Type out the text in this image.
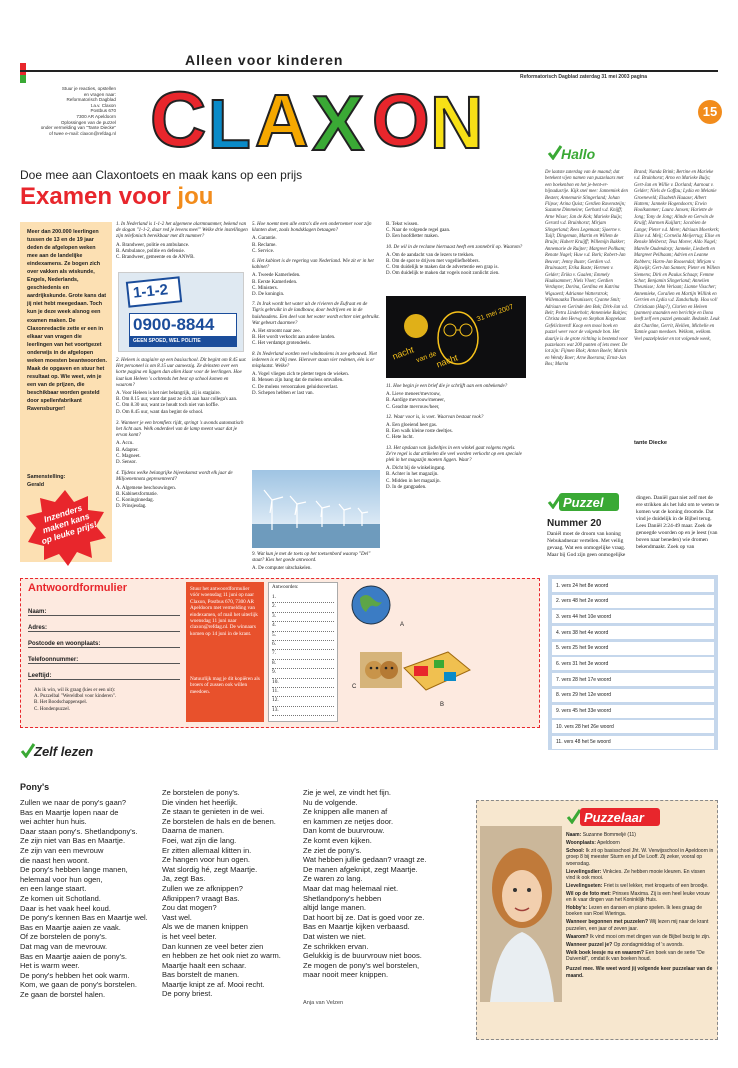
Alleen voor kinderen
Stuur je reacties, opstellen
en vragen naar:
Reformatorisch Dagblad
t.a.v. Claxon
Postbus 670
7300 AR Apeldoorn
Oplossingen van de puzzel
onder vermelding van "Tante Diecke"
of twee e-mail: claxon@refdag.nl C L A X O N
Reformatorisch Dagblad zaterdag 31 mei 2003 pagina
15
Doe mee aan Claxontoets en maak kans op een prijs
Examen voor jou
Meer dan 200.000 leerlingen tussen de 13 en de 19 jaar deden de afgelopen weken mee aan de landelijke eindexamens. Ze bogen zich over vakken als wiskunde, Engels, Nederlands, geschiedenis en aardrijkskunde. Grote kans dat jij niet hebt meegedaan. Toch kun je deze week alsnog een examen maken. De Claxonredactie zette er een in elkaar van vragen die leerlingen van het voortgezet onderwijs in de afgelopen weken moesten beantwoorden. Maak de opgaven en stuur het resultaat op. Wie weet, win je een van de prijzen, die beschikbaar worden gesteld door spellenfabrikant Ravensburger!
Samenstelling:
Gerald
Inzenders maken kans op leuke prijs!

1. In Nederland is 1-1-2 het algemene alarmnummer, bekend van de slogan "1-1-2, daar red je levens mee!" Welke drie instellingen zijn telefonisch bereikbaar met dit nummer?

A. Brandweer, politie en ambulance.
B. Ambulance, politie en defensie.
C. Brandweer, gemeente en de ANWB.
1-1-2
0900-8844
GEEN SPOED, WEL POLITIE

2. Heleen is stagiaire op een basisschool. Dit begint om 8.45 uur. Het personeel is om 8.15 uur aanwezig. Ze deinsten over een korte pagina en liggen dan allen klaar voor de leerlingen. Hoe laat kun Heleen 's ochtends het best op school komen en waarom?

A. Voor Heleen is het niet belangrijk, zij is stagiaire.
B. Om 8.15 uur, want dat past ze zich aan haar collega's aan.
C. Om 8.30 uur, want ze houdt toch niet van koffie.
D. Om 8.45 uur, want dan begint de school.

3. Wanneer je een bromfiets rijdt, springt 's avonds automatisch het licht aan. Welk onderdeel van de lamp meent waar dat je ervan komt?

A. Accu.
B. Adapter.
C. Magneet.
D. Sensor.

4. Tijdens welke belangrijke bijeenkomst wordt elk jaar de Miljoenennota gepresenteerd?

A. Algemene beschouwingen.
B. Kabinetsformatie.
C. Koninginnedag.
D. Prinsjesdag.

5. Hoe noemt men alle extra's die een ondernemer voor zijn klanten doet, zoals bondsklagen betaagen?

A. Garantie.
B. Reclame.
C. Service.

6. Het kabinet is de regering van Nederland. Wie zit er in het kabinet?

A. Tweede Kamerleden.
B. Eerste Kamerleden.
C. Ministers.
D. De koningin.

7. In Irak wordt het water uit de rivieren de Eufraat en de Tigris gebruikt in de landbouw, door bedrijven en in de huishoudens. Een deel van het water wordt echter niet gebruikt. Wat gebeurt daarmee?

A. Het stroomt naar zee.
B. Het wordt verkocht aan andere landen.
C. Het verdampt grotendeels.

8. In Nederland worden veel windmolens in zee gebouwd. Niet iedereen is er blij mee. Hierover staan vier redenen, één is er misplaatst. Welke?

A. Vogel vliegen zich te pletter tegen de wieken.
B. Mensen zijn bang dat de molens omvallen.
C. De molens veroorzaken geluidsoverlast.
D. Schepen hebben er last van.

9. Wat kun je met de toets op het toetsenbord waarop "Del" staat? Kies het goede antwoord.

A. De computer uitschakelen.
B. Tekst wissen.
C. Naar de volgende regel gaan.
D. Een hoofdletter maken.

10. De wil in de reclame hiernaast heeft een zonnebril op. Waarom?

A. Om de aandacht van de lezers te trekken.
B. Om de spot te drijven met vogelliefhebbers.
C. Om duidelijk te maken dat de advertentie een grap is.
D. Om duidelijk te maken dat vogels nooit zonlicht zien.
nacht van de
nacht
31 mei 2007

11. Hoe begin je een brief die je schrijft aan een onbekende?

A. Lieve meneer/mevrouw,
B. Aardige mevrouw/meneer,
C. Geachte mevrouw/heer,

12. Waar voor is, is voet. Waarvan bestaat rook?

A. Een gloeiend heet gas.
B. Een walk kleine roste deeltjes.
C. Hete lucht.

13. Het opslaan van ijsdieltjes in een winkel gaat volgens regels. Ze're regel is dat artikelen die veel worden verkocht op een speciale plek in het magazijn moeten liggen. Waar?

A. Dicht bij de winkelingang.
B. Achter in het magazijn.
C. Midden in het magazijn.
D. In de gangpaden.
Hallo
De laatste zaterdag van de maand; dat betekent vijen namen van puzzelaars met een boekenbon en het je-bent-er-bijnadusrije. Kijk snel mee: Jannemiek den Besten; Annemarie Slingerland; Johan Flipse; Arina Quist; Gerdien Ravensteijn; Suzanne Dimmeine; Gerhard v.d. Knijff; Arne Wisse; Jan de Kok; Marieke Buijs; Gerard v.d. Bruinhorst; Mirjam Slingerland; Rees Legemaat; Sjoerne v. Tuijl; Dingeman, Martin en Willem de Bruijn; Hubert Kruijff; Willemijn Bakker; Annemarie de Ruijter; Margreet Pollkam; Renate Nagel; Huw v.d. Bork; Robert-Jan Beuvar; Jenny Buste; Gerdien v.d. Bruinsaart; Erika Buste; Hermen v. Gelder; Erika v. Gaalen; Emmely Haaksammer; Niels Vloet; Gerdien Verduyne; Dorina, Gerdina en Katrina Wigsaerd; Adrianne Watterstrok; Willemautka Theunissen; Cyanne Smit; Adriaan en Gerinde den Bok; Dirk-Jan v.d. Belt; Petra Linderholt; Annemieke Buitjes; Christa den Herwg en Stephan Koppelaar. Gefeliciteerd! Koop een mooi boek en puzzel weer voor de volgende bon. Het duurije is de grote richting is bestemd voor puzzelaars wat 200 punten of iets meer. De lot zijn: Fijmen Blok; Anton Boele; Martin en Wendy Boer; Arne Boersma; Ernst-Jan Bos; Marita
Brand; Nanda Brink; Bertine en Marieke v.d. Bruinhorst; Arno en Marieke Buijs; Gert-Jan en Willie v. Dorland; Aarnout v. Gelder; Niels de Goffau; Lydia en Melanie Groeneveld; Elsabeth Haaase; Albert Hattem; Janneke Hogendoorn; Erwin Hoolkammer; Laura Jansen; Hariette de Jong; Tony de Jong; Alinde en Gerwin de Kruijf; Harmen Kuijlart; Jacobien de Lange; Pieter v.d. Mere; Adriaan Moerkerk; Elise v.d. Meij; Cornelia Meijerrug; Elise en Renske Meiberst; Teus Moree; Aldo Nagel; Marelle Oudendorp; Janneke, Liesbeth en Margreet Pellhaam; Adrien en Leanne Robbers; Harm-Jan Roosendal; Mirjam v. Rijswijk; Gert-Jan Sannen; Pieter en Willem Siemens; Dirk en Paulus Schaap; Femme Schot; Benjamin Slingerland; Annelien Theunisse; John Verlaan; Lianne Visscher; Annemieke, Coralien en Martijn Willink en Gerrien en Lydia v.d. Zandschulp. Hou vol! Christiaan (Hap?), Clarien en Heleen (pannen) staanden een berichtje en Ilona heeft zelf een puzzel gemaakt. Bedankt. Leuk dat Charline, Gerrit, Heilien, Michelle en Tannie gaan meedoen. Welkom, welkom. Veel puzzelplezier en tot volgende week,
tante Diecke
Puzzel
Nummer 20
Daniël moet de droom van koning Nebukadnezar vertellen. Met veilig gevaag. Wat een onmogelijke vraag. Maar bij God zijn geen onmogelijke
dingen. Daniël gaat niet zelf met de ere strikken als het lukt om te weten te komen wat de koning droomde. Dat vind je duidelijk in de Bijbel terug. Lees Daniël 2:24-49 maar. Zoek de genoegde woorden op en je leest (van boven naar beneden) wie dromen bekendmaakt. Zoek op van
1. vers 24 het 8e woord
2. vers 48 het 2e woord
3. vers 44 het 10e woord
4. vers 38 het 4e woord
5. vers 25 het 9e woord
6. vers 31 het 3e woord
7. vers 28 het 17e woord
8. vers 29 het 12e woord
9. vers 45 het 33e woord
10. vers 28 het 26e woord
11. vers 48 het 5e woord
Antwoordformulier
Naam:
Adres:
Postcode en woonplaats:
Telefoonnummer:
Leeftijd:
Als ik win, wil ik graag (kies er een uit):
A. Puzzelbal "Wereldbol voor kinderen".
B. Het Boodschappenspel.
C. Hondenpuzzel.
Stuur het antwoordformulier vóór woensdag 11 juni op naar Claxon, Postbus 670, 7300 AR Apeldoorn met vermelding van eindexamen, of mail het uiterlijk woensdag 11 juni naar claxon@refdag.nl. De winnaars komen op 14 juni in de krant.
Natuurlijk mag je dit kopiëren als broers of zussen ook willen meedoen.
Antwoorden:
1.
2.
3.
4.
5.
6.
7.
8.
9.
10.
11.
12.
13.
A
B
C
Zelf lezen
Pony's
Zullen we naar de pony's gaan?
Bas en Maartje lopen naar de
wei achter hun huis.
Daar staan pony's. Shetlandpony's.
Ze zijn niet van Bas en Maartje.
Ze zijn van een mevrouw
die naast hen woont.
De pony's hebben lange manen,
helemaal voor hun ogen,
en een lange staart.
Ze komen uit Schotland.
Daar is het vaak heel koud.
De pony's kennen Bas en Maartje wel.
Bas en Maartje aaien ze vaak.
Of ze borstelen de pony's.
Dat mag van de mevrouw.
Bas en Maartje aaien de pony's.
Het is warm weer.
De pony's hebben het ook warm.
Kom, we gaan de pony's borstelen.
Ze gaan de borstel halen.
Ze borstelen de pony's.
Die vinden het heerlijk.
Ze staan te genieten in de wei.
Ze borstelen de hals en de benen.
Daarna de manen.
Foei, wat zijn die lang.
Er zitten allemaal klitten in.
Ze hangen voor hun ogen.
Wat slordig hé, zegt Maartje.
Ja, zegt Bas.
Zullen we ze afknippen?
Afknippen? vraagt Bas.
Zou dat mogen?
Vast wel.
Als we de manen knippen
is het veel beter.
Dan kunnen ze veel beter zien
en hebben ze het ook niet zo warm.
Maartje haalt een schaar.
Bas borstelt de manen.
Maartje knipt ze af. Mooi recht.
De pony briest.
Zie je wel, ze vindt het fijn.
Nu de volgende.
Ze knippen alle manen af
en kammen ze netjes door.
Dan komt de buurvrouw.
Ze komt even kijken.
Ze ziet de pony's.
Wat hebben jullie gedaan? vraagt ze.
De manen afgeknipt, zegt Maartje.
Ze waren zo lang.
Maar dat mag helemaal niet.
Shetlandpony's hebben
altijd lange manen.
Dat hoort bij ze. Dat is goed voor ze.
Bas en Maartje kijken verbaasd.
Dat wisten we niet.
Ze schrikken ervan.
Gelukkig is de buurvrouw niet boos.
Ze mogen de pony's wel borstelen,
maar nooit meer knippen.
Anja van Velzen
Puzzelaar
Naam: Suzanne Bommeljé (11)
Woonplaats: Apeldoorn
School: Ik zit op basisschool Jht. W. Verwijsschool in Apeldoorn in groep 8 bij meester Sturm en juf De Looff. Zij zeker, vooral op woensdag.
Lievelingsdier: Vinkcies. Ze hebben mooie kleuren. En vissen vind ik ook mooi.
Lievelingseten: Friet is wel lekker, met kroquets of een broodje.
Wil op de foto met: Prinses Maxima. Zij is een heel leuke vrouw en ik vaar dingen van het Koninklijk Huis.
Hobby's: Lezen en dansen en piano spelen. Ik lees graag de boeken van Roel Wieringa.
Wanneer begonnen met puzzelen? Wij lezen mij naar de krant puzzelen, een jaar of zeven jaar.
Waarom? Ik vind mooi om met dingen van de Bijbel bezig te zijn.
Wanneer puzzel je? Op zondagmiddag of 's avonds.
Welk boek leesje nu en waarom? Een boek van de serie "De Duivenkil", omdat ik van boeken houd.
Puzzel mee. Wie weet word jij volgende keer puzzelaar van de maand.
